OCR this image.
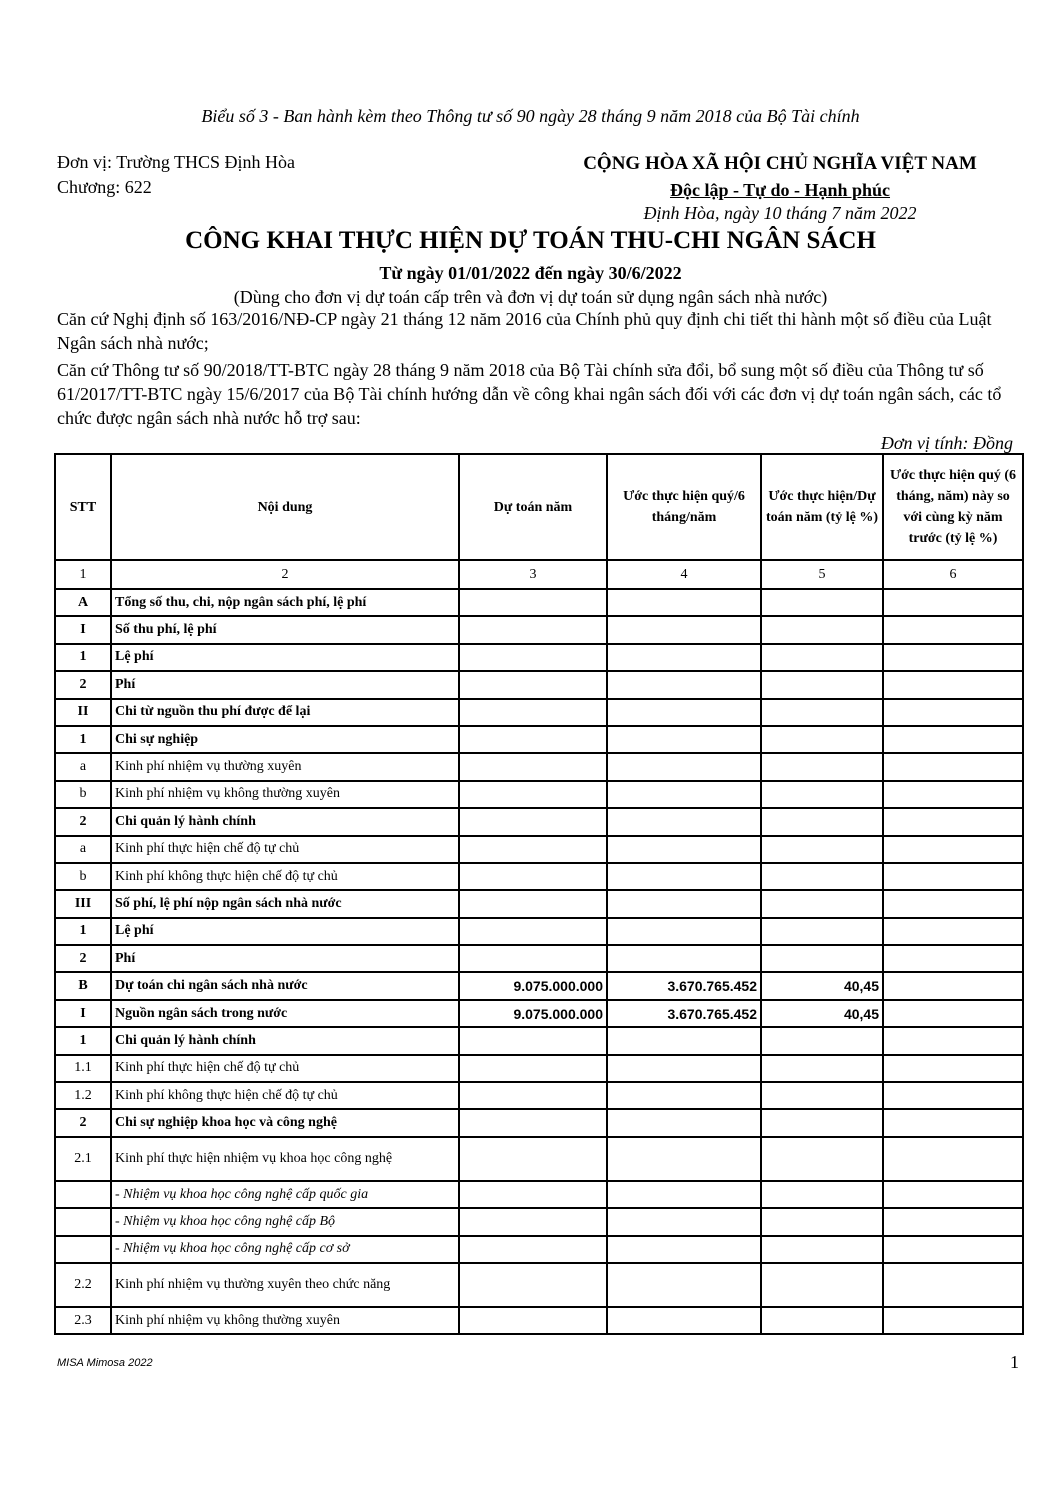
Biểu số 3 - Ban hành kèm theo Thông tư số 90 ngày 28 tháng 9 năm 2018 của Bộ Tài chính
Đơn vị: Trường THCS Định Hòa
Chương: 622
CỘNG HÒA XÃ HỘI CHỦ NGHĨA VIỆT NAM
Độc lập - Tự do - Hạnh phúc
Định Hòa, ngày 10 tháng 7 năm 2022
CÔNG KHAI THỰC HIỆN DỰ TOÁN THU-CHI NGÂN SÁCH
Từ ngày 01/01/2022 đến ngày 30/6/2022
(Dùng cho đơn vị dự toán cấp trên và đơn vị dự toán sử dụng ngân sách nhà nước)
Căn cứ Nghị định số 163/2016/NĐ-CP ngày 21 tháng 12 năm 2016 của Chính phủ quy định chi tiết thi hành một số điều của Luật Ngân sách nhà nước;
Căn cứ Thông tư số 90/2018/TT-BTC ngày 28 tháng 9 năm 2018 của Bộ Tài chính sửa đổi, bổ sung một số điều của Thông tư số 61/2017/TT-BTC ngày 15/6/2017 của Bộ Tài chính hướng dẫn về công khai ngân sách đối với các đơn vị dự toán ngân sách, các tổ chức được ngân sách nhà nước hỗ trợ sau:
Đơn vị tính: Đồng
STT	Nội dung	Dự toán năm	Ước thực hiện quý/6 tháng/năm	Ước thực hiện/Dự toán năm (tỷ lệ %)	Ước thực hiện quý (6 tháng, năm) này so với cùng kỳ năm trước (tỷ lệ %)
1	2	3	4	5	6
A	Tổng số thu, chi, nộp ngân sách phí, lệ phí				
I	Số thu phí, lệ phí				
1	Lệ phí				
2	Phí				
II	Chi từ nguồn thu phí được để lại				
1	Chi sự nghiệp				
a	Kinh phí nhiệm vụ thường xuyên				
b	Kinh phí nhiệm vụ không thường xuyên				
2	Chi quản lý hành chính				
a	Kinh phí thực hiện chế độ tự chủ				
b	Kinh phí không thực hiện chế độ tự chủ				
III	Số phí, lệ phí nộp ngân sách nhà nước				
1	Lệ phí				
2	Phí				
B	Dự toán chi ngân sách nhà nước	9.075.000.000	3.670.765.452	40,45	
I	Nguồn ngân sách trong nước	9.075.000.000	3.670.765.452	40,45	
1	Chi quản lý hành chính				
1.1	Kinh phí thực hiện chế độ tự chủ				
1.2	Kinh phí không thực hiện chế độ tự chủ				
2	Chi sự nghiệp khoa học và công nghệ				
2.1	Kinh phí thực hiện nhiệm vụ khoa học công nghệ				
	- Nhiệm vụ khoa học công nghệ cấp quốc gia				
	- Nhiệm vụ khoa học công nghệ cấp Bộ				
	- Nhiệm vụ khoa học công nghệ cấp cơ sở				
2.2	Kinh phí nhiệm vụ thường xuyên theo chức năng				
2.3	Kinh phí nhiệm vụ không thường xuyên				
MISA Mimosa 2022	1
